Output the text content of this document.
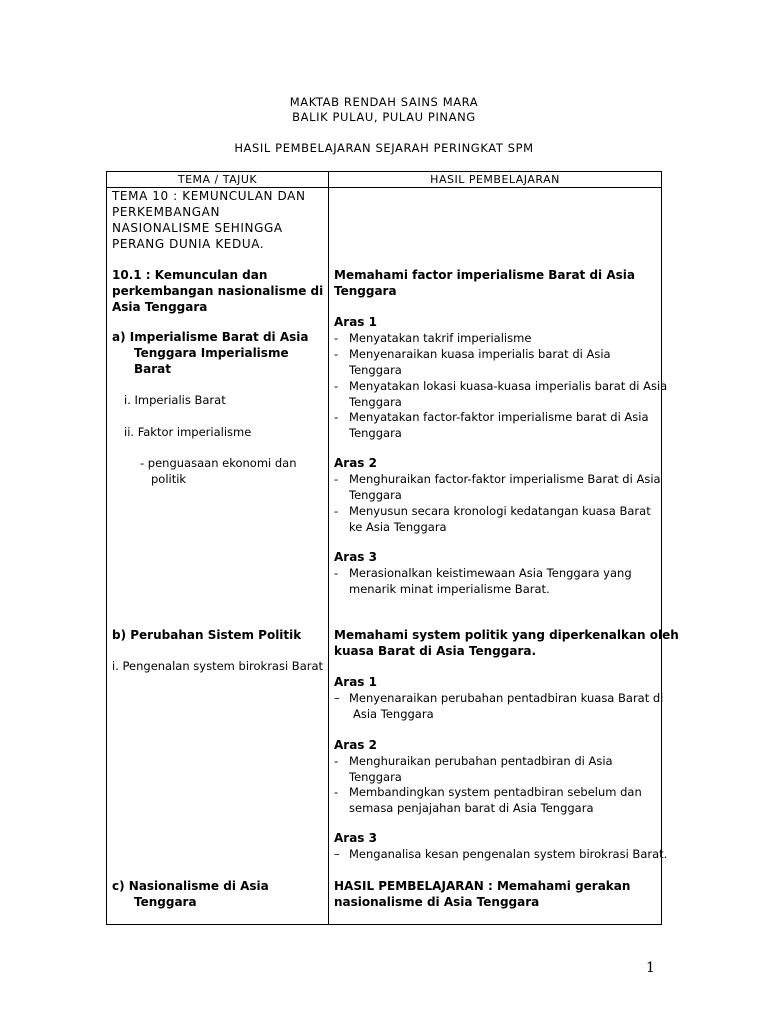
MAKTAB RENDAH SAINS MARA
BALIK PULAU, PULAU PINANG
HASIL PEMBELAJARAN SEJARAH PERINGKAT SPM
TEMA / TAJUK	HASIL PEMBELAJARAN
TEMA 10 : KEMUNCULAN DAN
PERKEMBANGAN
NASIONALISME SEHINGGA
PERANG DUNIA KEDUA.
10.1 : Kemunculan dan
perkembangan nasionalisme di
Asia Tenggara
a) Imperialisme Barat di Asia
Tenggara Imperialisme
Barat
i. Imperialis Barat
ii. Faktor imperialisme
- penguasaan ekonomi dan
politik
b) Perubahan Sistem Politik
i. Pengenalan system birokrasi Barat
c) Nasionalisme di Asia
Tenggara
Memahami factor imperialisme Barat di Asia
Tenggara
Aras 1
- Menyatakan takrif imperialisme
- Menyenaraikan kuasa imperialis barat di Asia
Tenggara
- Menyatakan lokasi kuasa-kuasa imperialis barat di Asia
Tenggara
- Menyatakan factor-faktor imperialisme barat di Asia
Tenggara
Aras 2
- Menghuraikan factor-faktor imperialisme Barat di Asia
Tenggara
- Menyusun secara kronologi kedatangan kuasa Barat
ke Asia Tenggara
Aras 3
- Merasionalkan keistimewaan Asia Tenggara yang
menarik minat imperialisme Barat.
Memahami system politik yang diperkenalkan oleh
kuasa Barat di Asia Tenggara.
Aras 1
– Menyenaraikan perubahan pentadbiran kuasa Barat di
Asia Tenggara
Aras 2
- Menghuraikan perubahan pentadbiran di Asia
Tenggara
- Membandingkan system pentadbiran sebelum dan
semasa penjajahan barat di Asia Tenggara
Aras 3
– Menganalisa kesan pengenalan system birokrasi Barat.
HASIL PEMBELAJARAN : Memahami gerakan
nasionalisme di Asia Tenggara
1
